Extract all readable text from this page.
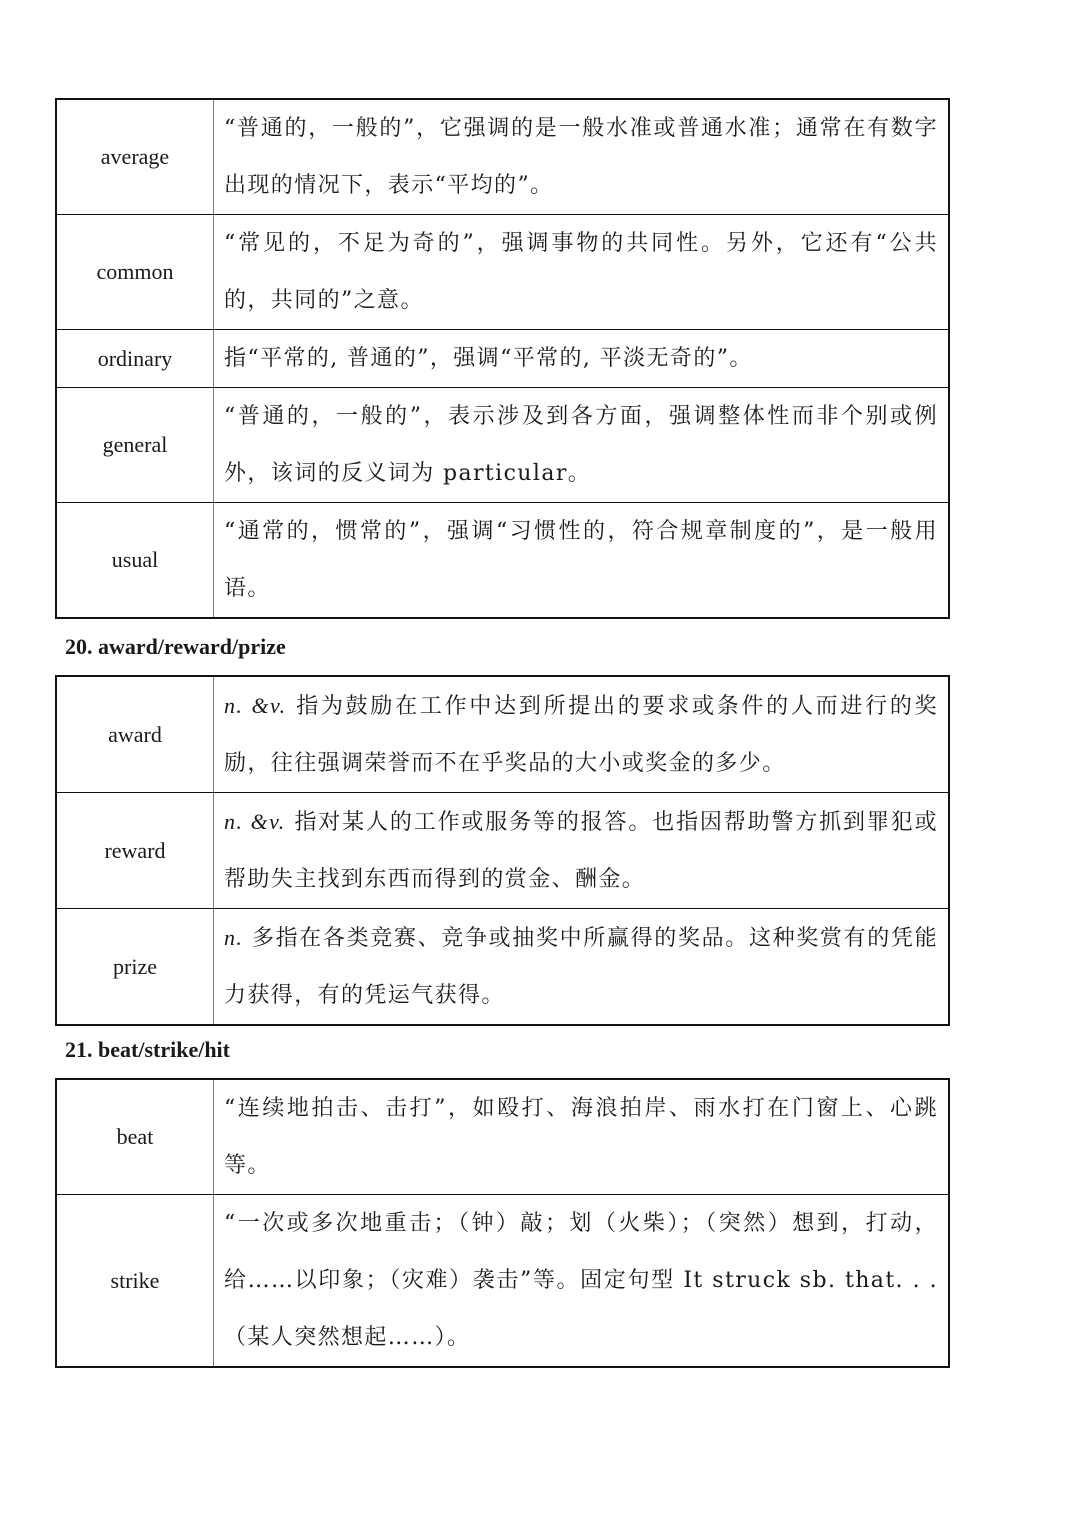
average	“普通的，一般的”，它强调的是一般水准或普通水准；通常在有数字出现的情况下，表示“平均的”。
common	“常见的，不足为奇的”，强调事物的共同性。另外，它还有“公共的，共同的”之意。
ordinary	指“平常的, 普通的”，强调“平常的, 平淡无奇的”。
general	“普通的，一般的”，表示涉及到各方面，强调整体性而非个别或例外，该词的反义词为 particular。
usual	“通常的，惯常的”，强调“习惯性的，符合规章制度的”，是一般用语。
20. award/reward/prize
award	n. &v. 指为鼓励在工作中达到所提出的要求或条件的人而进行的奖励，往往强调荣誉而不在乎奖品的大小或奖金的多少。
reward	n. &v. 指对某人的工作或服务等的报答。也指因帮助警方抓到罪犯或帮助失主找到东西而得到的赏金、酬金。
prize	n. 多指在各类竞赛、竞争或抽奖中所赢得的奖品。这种奖赏有的凭能力获得，有的凭运气获得。
21. beat/strike/hit
beat	“连续地拍击、击打”，如殴打、海浪拍岸、雨水打在门窗上、心跳等。
strike	“一次或多次地重击；（钟）敲；划（火柴）；（突然）想到，打动，给……以印象；（灾难）袭击”等。固定句型 It struck sb. that. . . （某人突然想起……）。
